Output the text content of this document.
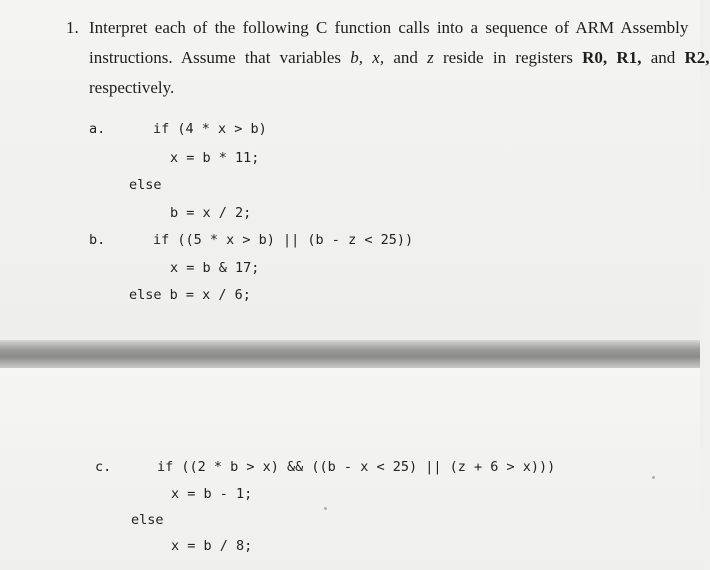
1. Interpret each of the following C function calls into a sequence of ARM Assembly
instructions. Assume that variables b, x, and z reside in registers R0, R1, and R2,
respectively.
a.	if (4 * x > b)
x = b * 11;
else
b = x / 2;
b.	if ((5 * x > b) || (b - z < 25))
x = b & 17;
else b = x / 6;
c.	if ((2 * b > x) && ((b - x < 25) || (z + 6 > x)))
x = b - 1;
else
x = b / 8;
